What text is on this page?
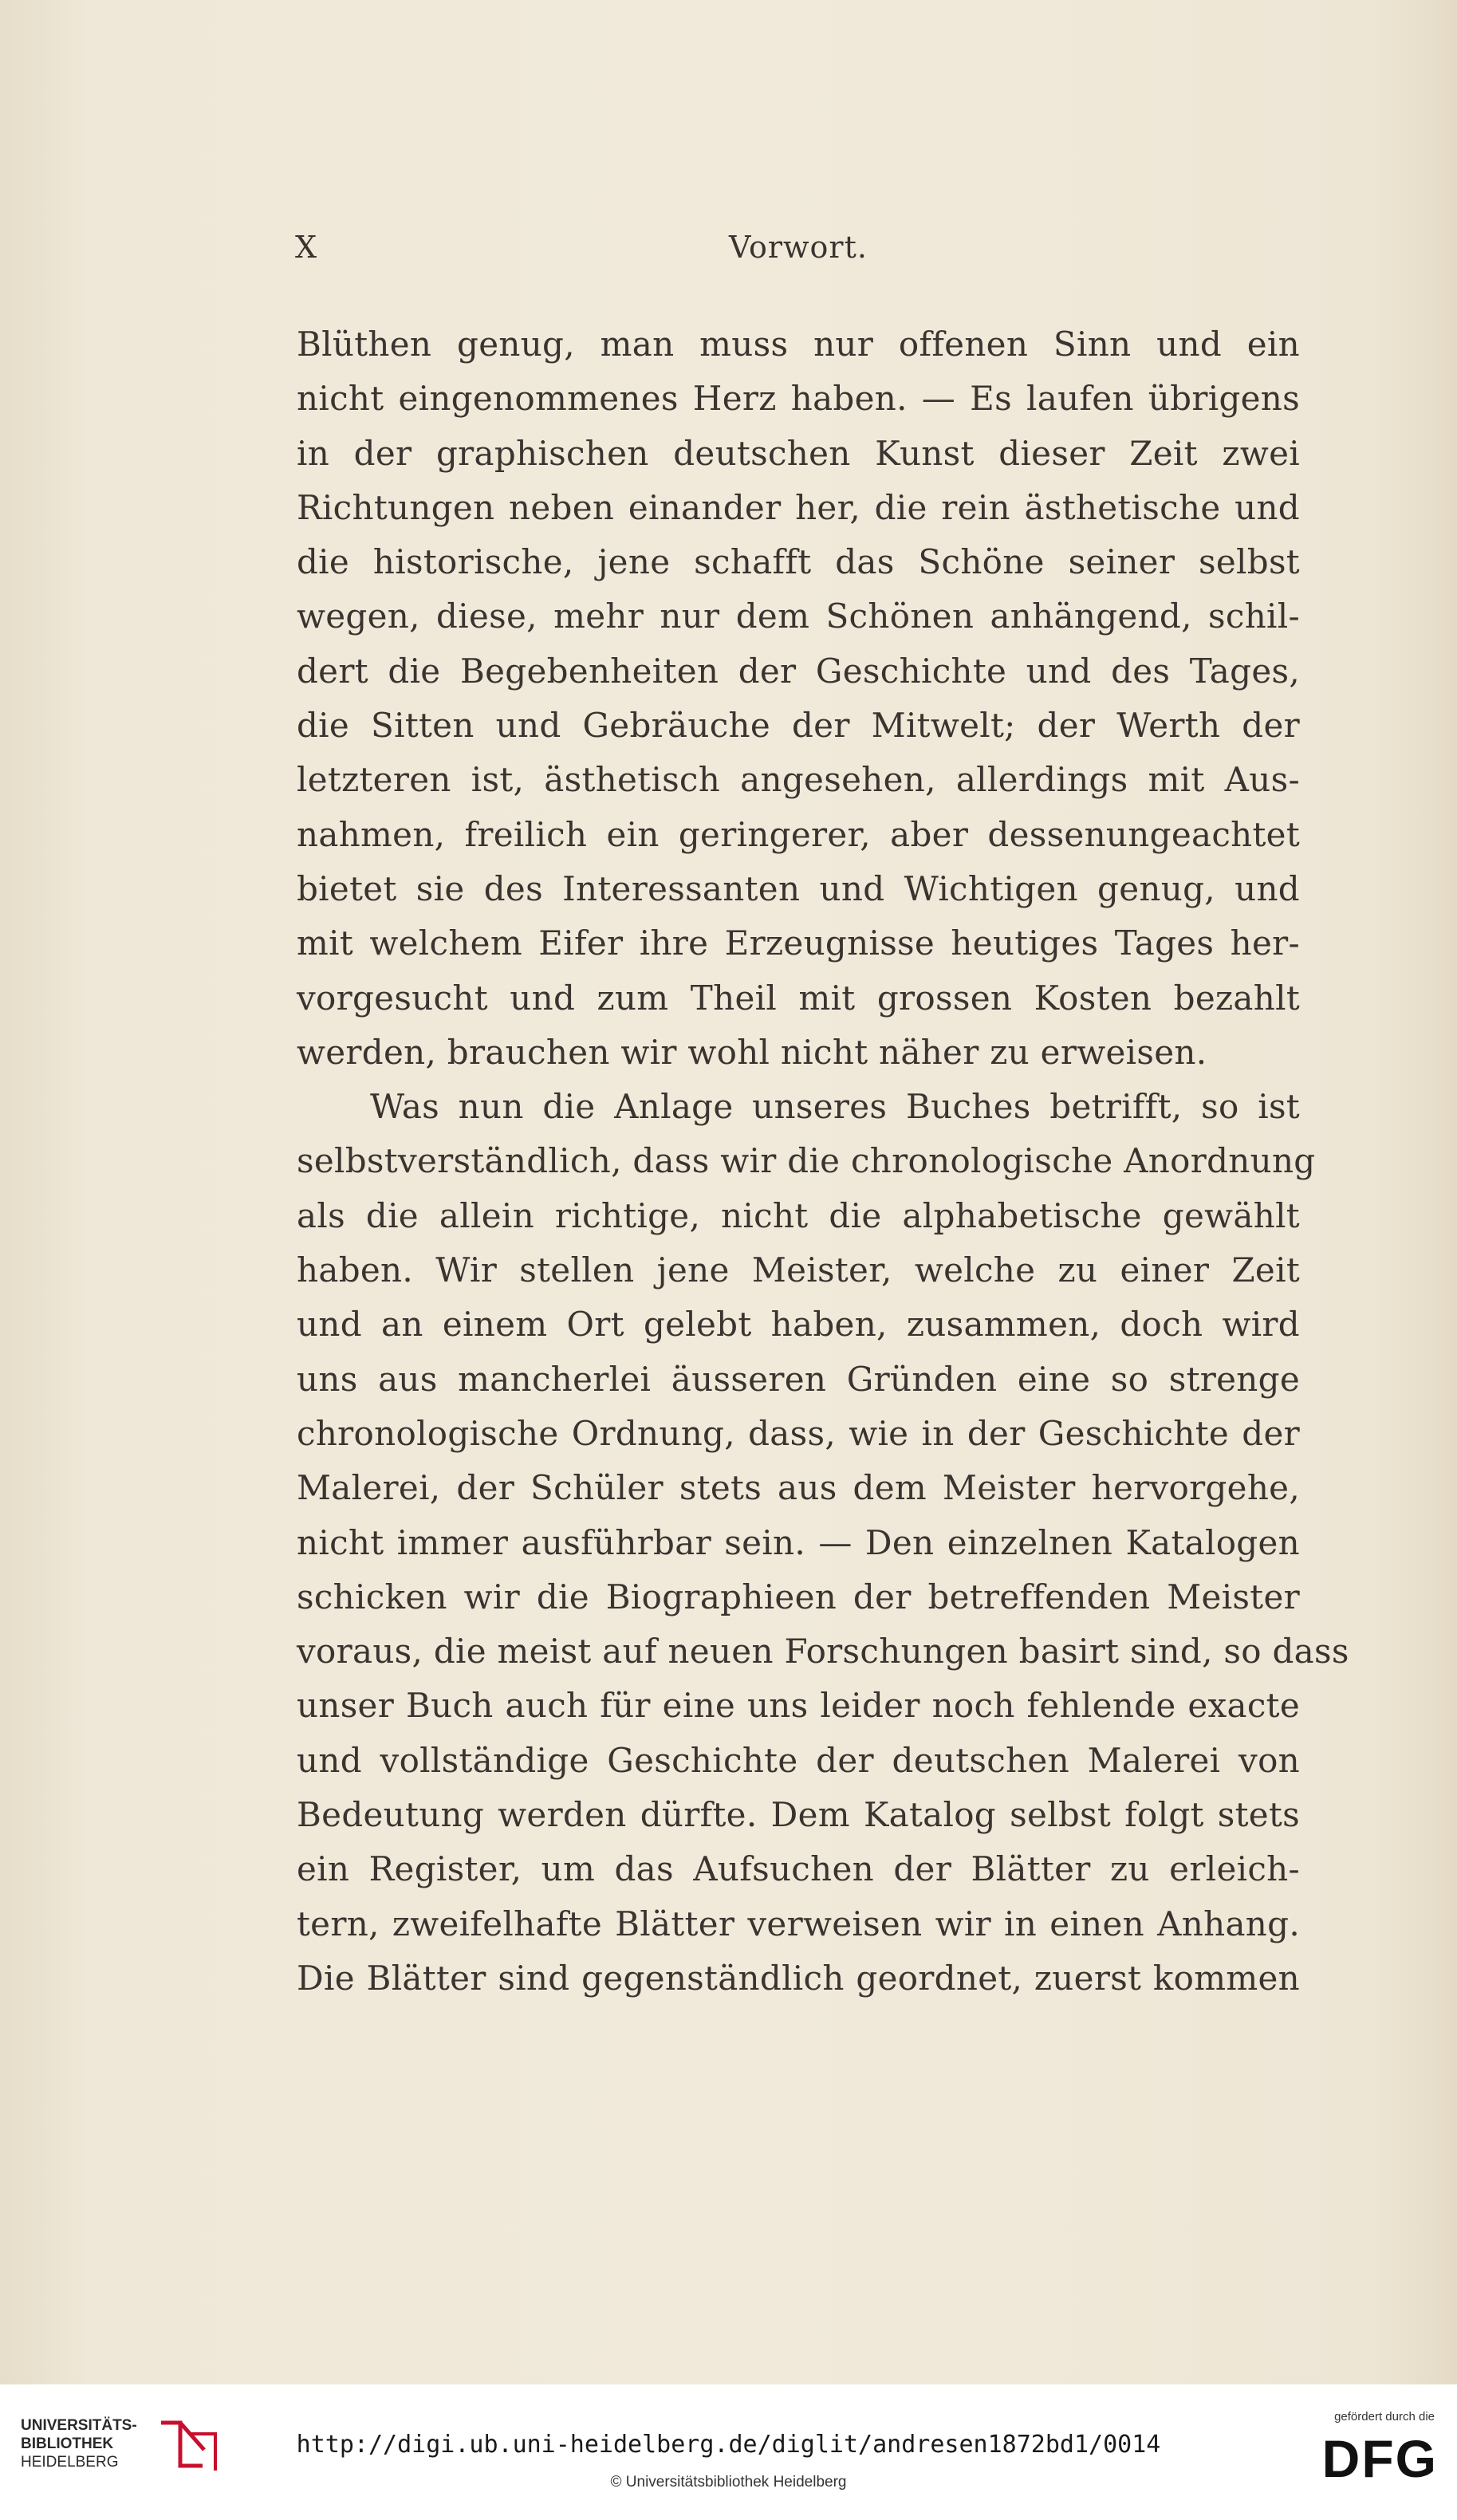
X	Vorwort.
Blüthen genug, man muss nur offenen Sinn und ein
nicht eingenommenes Herz haben. — Es laufen übrigens
in der graphischen deutschen Kunst dieser Zeit zwei
Richtungen neben einander her, die rein ästhetische und
die historische, jene schafft das Schöne seiner selbst
wegen, diese, mehr nur dem Schönen anhängend, schil-
dert die Begebenheiten der Geschichte und des Tages,
die Sitten und Gebräuche der Mitwelt; der Werth der
letzteren ist, ästhetisch angesehen, allerdings mit Aus-
nahmen, freilich ein geringerer, aber dessenungeachtet
bietet sie des Interessanten und Wichtigen genug, und
mit welchem Eifer ihre Erzeugnisse heutiges Tages her-
vorgesucht und zum Theil mit grossen Kosten bezahlt
werden, brauchen wir wohl nicht näher zu erweisen.
Was nun die Anlage unseres Buches betrifft, so ist
selbstverständlich, dass wir die chronologische Anordnung
als die allein richtige, nicht die alphabetische gewählt
haben. Wir stellen jene Meister, welche zu einer Zeit
und an einem Ort gelebt haben, zusammen, doch wird
uns aus mancherlei äusseren Gründen eine so strenge
chronologische Ordnung, dass, wie in der Geschichte der
Malerei, der Schüler stets aus dem Meister hervorgehe,
nicht immer ausführbar sein. — Den einzelnen Katalogen
schicken wir die Biographieen der betreffenden Meister
voraus, die meist auf neuen Forschungen basirt sind, so dass
unser Buch auch für eine uns leider noch fehlende exacte
und vollständige Geschichte der deutschen Malerei von
Bedeutung werden dürfte. Dem Katalog selbst folgt stets
ein Register, um das Aufsuchen der Blätter zu erleich-
tern, zweifelhafte Blätter verweisen wir in einen Anhang.
Die Blätter sind gegenständlich geordnet, zuerst kommen
UNIVERSITÄTS-
BIBLIOTHEK
HEIDELBERG
http://digi.ub.uni-heidelberg.de/diglit/andresen1872bd1/0014
© Universitätsbibliothek Heidelberg
gefördert durch die
DFG
